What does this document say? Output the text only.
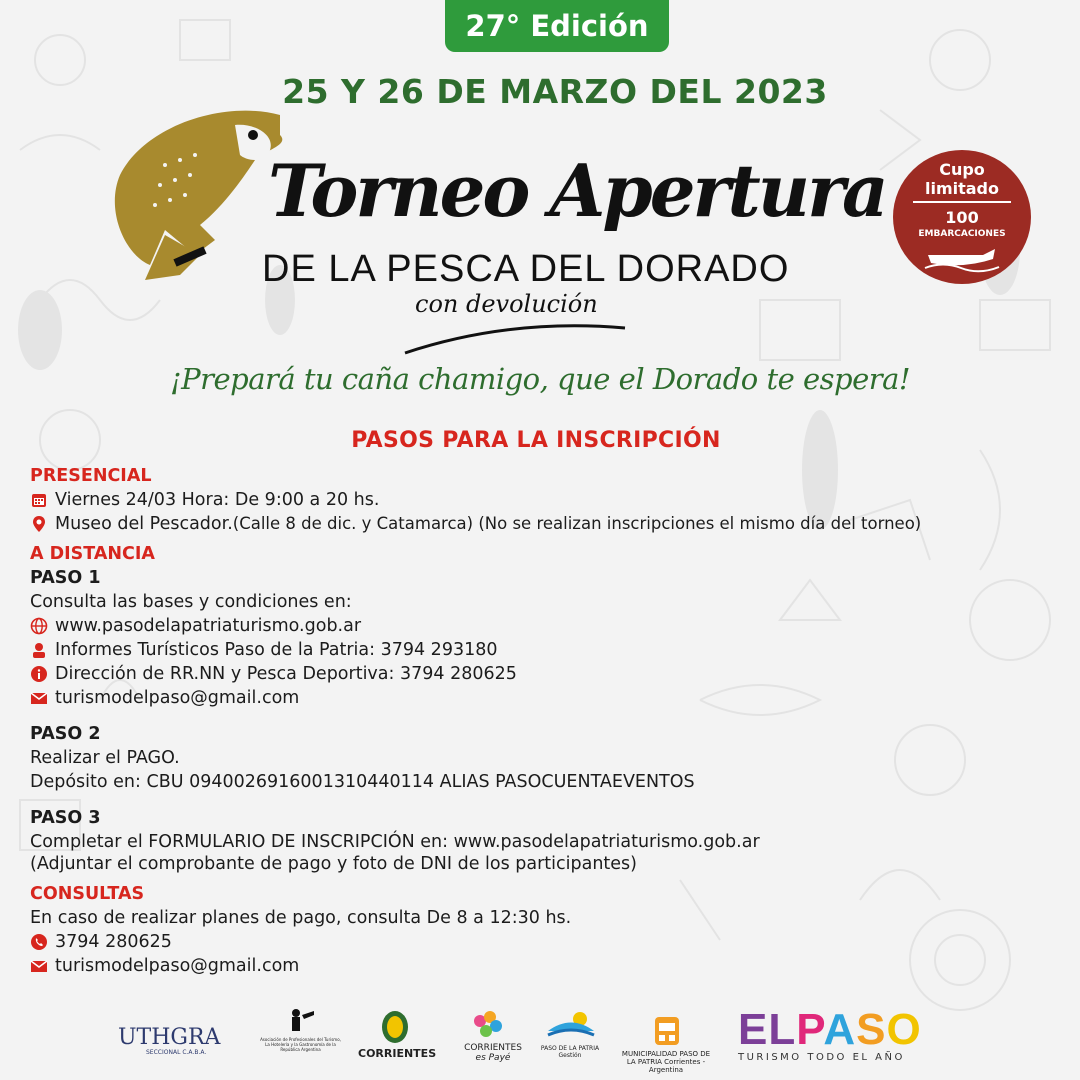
27° Edición
25 Y 26 DE MARZO DEL 2023
Torneo Apertura
DE LA PESCA DEL DORADO
con devolución
¡Prepará tu caña chamigo, que el Dorado te espera!
Cupo
limitado
100
EMBARCACIONES
PASOS PARA LA INSCRIPCIÓN
PRESENCIAL
Viernes 24/03 Hora: De 9:00 a 20 hs.
Museo del Pescador. (Calle 8 de dic. y Catamarca) (No se realizan inscripciones el mismo día del torneo)
A DISTANCIA
PASO 1
Consulta las bases y condiciones en:
www.pasodelapatriaturismo.gob.ar
Informes Turísticos Paso de la Patria: 3794 293180
Dirección de RR.NN y Pesca Deportiva: 3794 280625
turismodelpaso@gmail.com
PASO 2
Realizar el PAGO.
Depósito en: CBU 0940026916001310440114 ALIAS PASOCUENTAEVENTOS
PASO 3
Completar el FORMULARIO DE INSCRIPCIÓN en: www.pasodelapatriaturismo.gob.ar
(Adjuntar el comprobante de pago y foto de DNI de los participantes)
CONSULTAS
En caso de realizar planes de pago, consulta De 8 a 12:30 hs.
3794 280625
turismodelpaso@gmail.com
UTHGRA
SECCIONAL C.A.B.A.
Asociación de Profesionales del Turismo, La Hotelería y la Gastronomía de la República Argentina	CORRIENTES	CORRIENTES
es Payé
PASO DE LA PATRIA Gestión	MUNICIPALIDAD PASO DE LA PATRIA Corrientes - Argentina
ELPASO
TURISMO TODO EL AÑO
